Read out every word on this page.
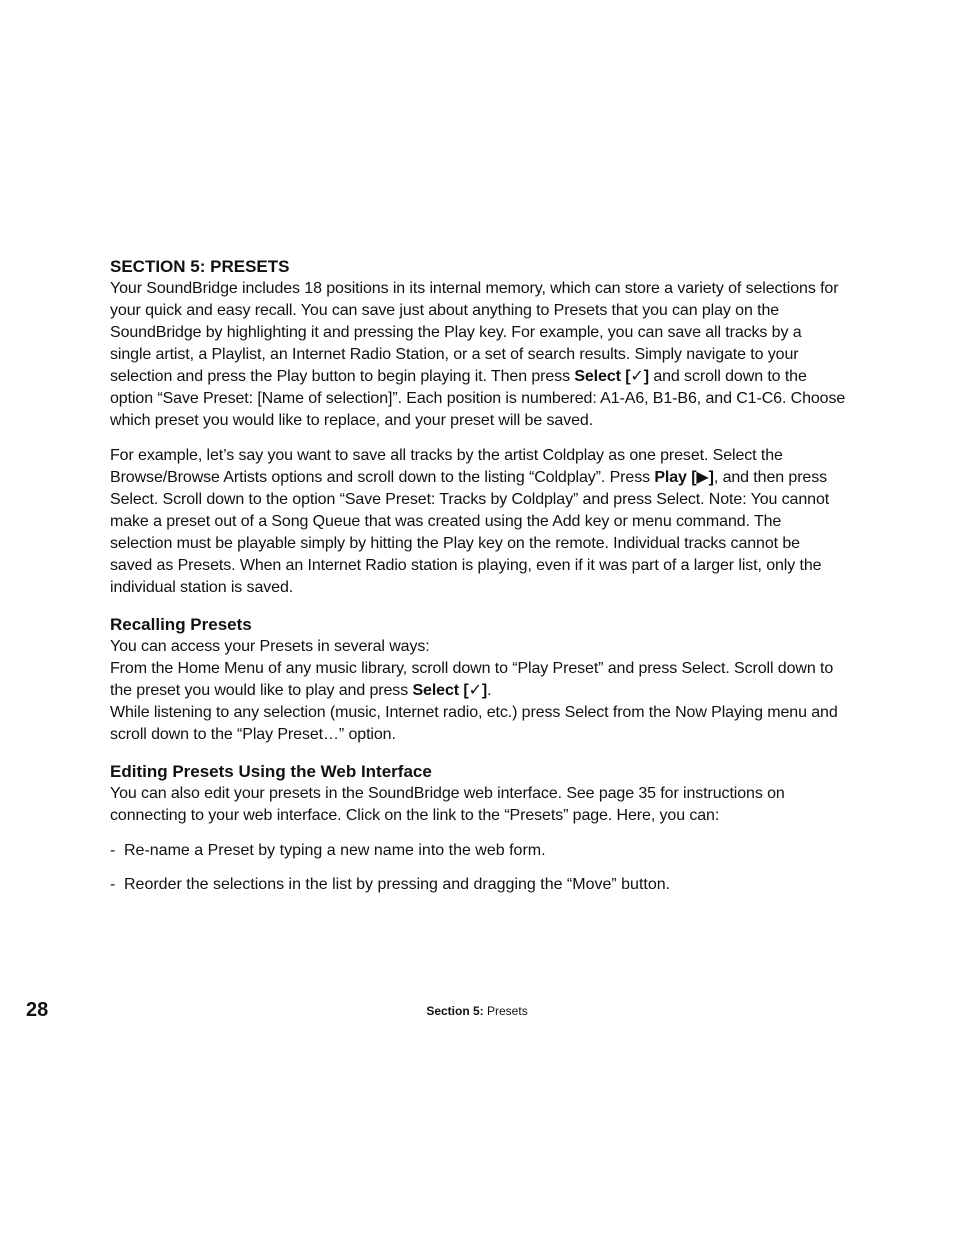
SECTION 5: PRESETS

Your SoundBridge includes 18 positions in its internal memory, which can store a variety of selections for your quick and easy recall. You can save just about anything to Presets that you can play on the SoundBridge by highlighting it and pressing the Play key. For example, you can save all tracks by a single artist, a Playlist, an Internet Radio Station, or a set of search results. Simply navigate to your selection and press the Play button to begin playing it. Then press Select [✓] and scroll down to the option “Save Preset: [Name of selection]”. Each position is numbered: A1-A6, B1-B6, and C1-C6. Choose which preset you would like to replace, and your preset will be saved.

For example, let’s say you want to save all tracks by the artist Coldplay as one preset. Select the Browse/Browse Artists options and scroll down to the listing “Coldplay”. Press Play [▶], and then press Select. Scroll down to the option “Save Preset: Tracks by Coldplay” and press Select. Note: You cannot make a preset out of a Song Queue that was created using the Add key or menu command. The selection must be playable simply by hitting the Play key on the remote. Individual tracks cannot be saved as Presets. When an Internet Radio station is playing, even if it was part of a larger list, only the individual station is saved.

Recalling Presets

You can access your Presets in several ways:

From the Home Menu of any music library, scroll down to “Play Preset” and press Select. Scroll down to the preset you would like to play and press Select [✓].

While listening to any selection (music, Internet radio, etc.) press Select from the Now Playing menu and scroll down to the “Play Preset…” option.

Editing Presets Using the Web Interface

You can also edit your presets in the SoundBridge web interface. See page 35 for instructions on connecting to your web interface. Click on the link to the “Presets” page. Here, you can:

- Re-name a Preset by typing a new name into the web form.
- Reorder the selections in the list by pressing and dragging the “Move” button.
28	Section 5: Presets
